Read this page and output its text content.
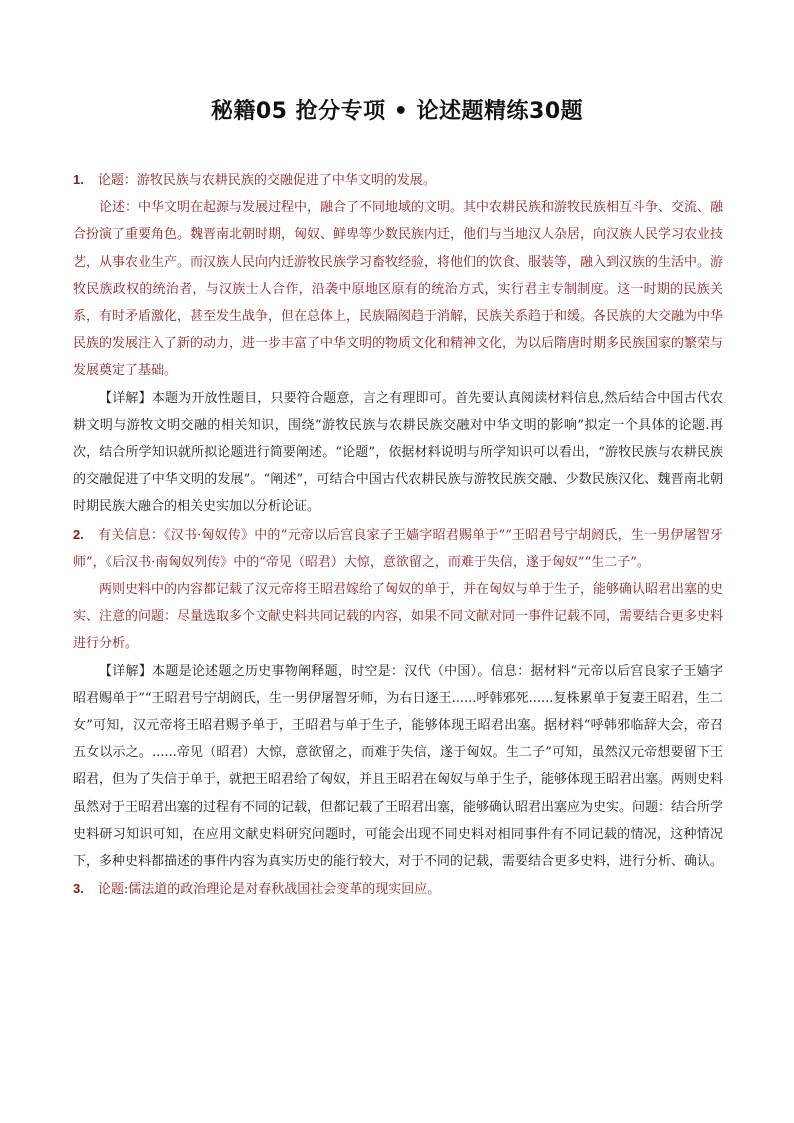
秘籍05 抢分专项 • 论述题精练30题

1. 论题：游牧民族与农耕民族的交融促进了中华文明的发展。

论述：中华文明在起源与发展过程中，融合了不同地域的文明。其中农耕民族和游牧民族相互斗争、交流、融合扮演了重要角色。魏晋南北朝时期，匈奴、鲜卑等少数民族内迁，他们与当地汉人杂居，向汉族人民学习农业技艺，从事农业生产。而汉族人民向内迁游牧民族学习畜牧经验，将他们的饮食、服装等，融入到汉族的生活中。游牧民族政权的统治者，与汉族士人合作，沿袭中原地区原有的统治方式，实行君主专制制度。这一时期的民族关系，有时矛盾激化，甚至发生战争，但在总体上，民族隔阂趋于消解，民族关系趋于和缓。各民族的大交融为中华民族的发展注入了新的动力，进一步丰富了中华文明的物质文化和精神文化，为以后隋唐时期多民族国家的繁荣与发展奠定了基础。

【详解】本题为开放性题目，只要符合题意，言之有理即可。首先要认真阅读材料信息,然后结合中国古代农耕文明与游牧文明交融的相关知识，围绕“游牧民族与农耕民族交融对中华文明的影响”拟定一个具体的论题.再次，结合所学知识就所拟论题进行简要阐述。“论题”，依据材料说明与所学知识可以看出，“游牧民族与农耕民族的交融促进了中华文明的发展”。“阐述”，可结合中国古代农耕民族与游牧民族交融、少数民族汉化、魏晋南北朝时期民族大融合的相关史实加以分析论证。

2. 有关信息：《汉书·匈奴传》中的“元帝以后宫良家子王嫱字昭君赐单于”“王昭君号宁胡阏氏，生一男伊屠智牙师”，《后汉书·南匈奴列传》中的“帝见（昭君）大惊，意欲留之，而难于失信，遂于匈奴”“生二子”。

两则史料中的内容都记载了汉元帝将王昭君嫁给了匈奴的单于，并在匈奴与单于生子，能够确认昭君出塞的史实、注意的问题：尽量选取多个文献史料共同记载的内容，如果不同文献对同一事件记载不同，需要结合更多史料进行分析。

【详解】本题是论述题之历史事物阐释题，时空是：汉代（中国）。信息：据材料“元帝以后宫良家子王嫱字昭君赐单于”“王昭君号宁胡阏氏，生一男伊屠智牙师，为右日逐王......呼韩邪死......复株累单于复妻王昭君，生二女”可知，汉元帝将王昭君赐予单于，王昭君与单于生子，能够体现王昭君出塞。据材料“呼韩邪临辞大会，帝召五女以示之。......帝见（昭君）大惊，意欲留之，而难于失信，遂于匈奴。生二子”可知，虽然汉元帝想要留下王昭君，但为了失信于单于，就把王昭君给了匈奴，并且王昭君在匈奴与单于生子，能够体现王昭君出塞。两则史料虽然对于王昭君出塞的过程有不同的记载，但都记载了王昭君出塞，能够确认昭君出塞应为史实。问题：结合所学史料研习知识可知，在应用文献史料研究问题时，可能会出现不同史料对相同事件有不同记载的情况，这种情况下，多种史料都描述的事件内容为真实历史的能行较大，对于不同的记载，需要结合更多史料，进行分析、确认。

3. 论题:儒法道的政治理论是对春秋战国社会变革的现实回应。
